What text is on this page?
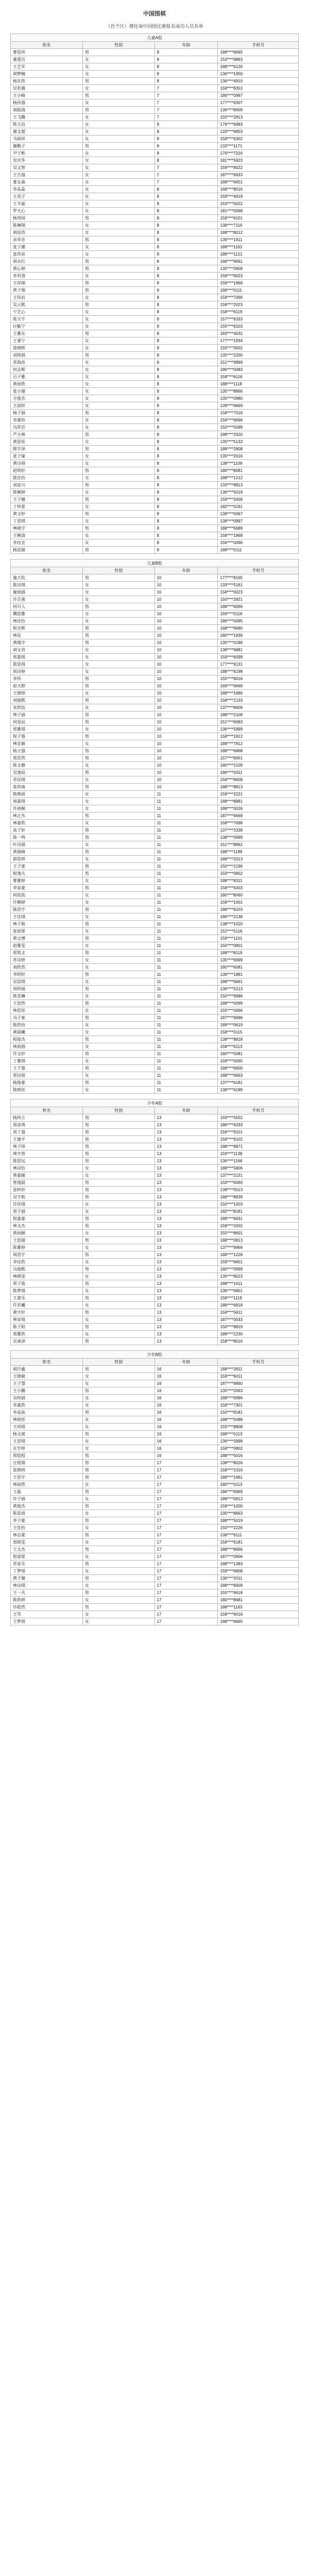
中国围棋
（首个区）遵化南中国围比赛报名成功人员名单
儿童A组			
姓名	性别	年龄	手机号
曹思祥	男	8	188****6665
董重历	女	8	153****6863
王艺军	女	8	188****6126
胡梦楠	女	8	136****1950
杨东伟	男	8	136****4910
吴若越	女	7	159****8353
王小峰	男	7	186****0997
杨伟强	女	7	177****6307
胡振海	男	7	136****8009
王飞腾	女	7	155****2813
陈玉昌	女	8	176****6983
谢文超	女	8	133****6853
马炳祥	女	8	158****6302
谢勤子	男	8	133****1171
尹子彬	女	8	176****7016
吴庆华	女	8	181****5923
吴文智	女	7	159****8022
王吉强	女	7	187****6633
曹友森	女	7	188****6651
李品晶	女	8	168****8016
王英子	女	8	159****4919
王丰丽	女	8	153****5022
罗天心	女	8	181****0068
杨邦国	男	8	159****6101
陈琳翔	女	8	138****7116
胡添浩	女	8	188****8012
余华芳	男	8	139****1911
张子潮	女	8	188****1161
张伟亮	女	8	188****1121
胡永红	男	8	168****9061
黄心婷	男	8	135****0909
李若洛	女	8	158****6023
王伟翔	男	8	159****1968
黄子翔	男	8	188****0111
王伟岩	女	8	159****7066
吴云熙	男	8	158****2023
宁艺心	女	8	158****6119
陈天宇	女	8	157****6333
付紫宁	女	8	155****9103
王雅东	男	8	183****4032
王睿宁	女	8	177****1934
徐晓桥	女	8	155****3002
刘铭涵	男	8	135****2200
苏海亮	女	8	151****9969
何志辉	女	8	186****0083
吕子雅	女	8	158****6116
黄雨欣	女	8	188****1118
张小瑞	女	8	135****8866
方俊杰	女	8	135****0980
王雨轩	女	8	139****6669
杨子涵	男	8	158****7016
李嘉怡	女	8	156****6696
冯苏芸	女	8	150****5099
严小林	男	8	198****2020
黄思彤	女	8	135****5133
陈宇泽	男	8	188****2808
张子瑜	女	8	135****2016
黄诗琪	女	8	138****1109
赵明轩	男	8	180****8081
陈佳怡	女	8	188****1212
刘家兴	男	8	133****8813
陈婉婷	女	8	136****5019
王子健	男	8	159****2009
丁梓萱	女	8	182****0191
黄文轩	男	8	139****5067
丁思琪	女	8	138****0997
林晓宇	男	8	188****6689
王婉清	女	8	158****1868
李佳宜	女	8	156****0096
杨思源	男	8	188****0111
儿童B组			
姓名	性别	年龄	手机号
施大钦	男	10	177****8165
陈诗琪	女	10	133****5161
谢雨涵	女	10	158****0023
许芷菡	女	10	150****2821
何可人	男	10	188****6066
魏思雅	女	10	159****0116
林佳怡	女	10	186****0095
程光辉	男	10	168****6680
林佳	男	10	180****1939
黄璟宇	男	10	135****0188
胡文君	女	10	138****6881
郑嘉瑶	女	10	159****6099
陈思琪	女	10	177****9131
周诗婷	女	10	188****6198
李伟	男	10	155****8016
赵天野	男	10	169****6668
王晓婷	女	10	188****1686
刘俊熙	男	10	158****2133
宋欣怡	女	10	137****8606
林子涵	男	10	188****2108
何星辰	男	10	151****6083
郑雅琪	女	10	136****5999
程子墨	男	10	158****1812
林宜颖	女	10	188****7812
杨立强	男	10	188****6868
郑浩然	男	10	157****6651
陈文静	女	10	180****2109
吴逸辰	男	10	186****0311
苏佳琪	女	10	158****6608
张伟南	男	10	188****8813
陈晓雨	女	11	159****2221
周嘉琪	女	11	188****8881
许雨桐	女	11	188****0026
林正杰	男	11	187****6669
林嘉欣	女	11	158****7698
高子轩	男	11	137****3338
陈一鸣	男	11	138****0999
叶诗涵	女	11	151****8862
黄俊峰	男	11	188****1189
郭思妍	女	11	188****2013
王子豪	男	11	150****2196
程逸凡	男	11	159****0802
曹雅婷	女	11	188****8311
李家豪	男	11	158****5003
何依依	女	11	180****8060
许婉婷	女	11	158****1001
陈浩宇	男	11	188****6103
王佳琪	女	11	186****2138
林子骏	男	11	138****1020
张雨萱	女	11	152****5116
黄文博	男	11	159****1101
赵雅雯	女	11	155****0801
郑凯文	男	11	188****8119
苏诗妍	女	11	135****6999
刘欣然	女	11	180****6081
李明轩	男	11	138****1881
吴思琪	女	11	188****6661
周梓涵	男	11	136****5213
陈美琳	女	11	150****9986
王浩然	男	11	188****0099
林思彤	女	11	155****0066
冯子豪	男	11	187****9696
陈欣怡	女	11	189****0619
黄晨曦	女	11	158****0115
程俊杰	男	11	138****8818
林雨涵	女	11	158****6113
许文轩	男	11	180****5081
丁雅琪	女	11	159****0065
王子墨	男	11	188****6600
郑诗雨	女	11	188****6663
杨俊豪	男	11	137****6181
陈晓彤	女	11	138****6199
少年A组			
姓名	性别	年龄	手机号
杨伟立	男	13	159****5552
郑彦鸿	男	13	186****6333
周丁强	男	13	156****9101
王建平	男	13	158****9102
林子铎	男	13	188****8871
林宇涛	男	13	159****1138
陈思远	男	13	136****1166
林诗怡	女	13	188****5806
黄嘉颖	女	13	137****2131
曾逸晨	男	13	150****6060
张梓轩	男	13	138****5513
吴宇航	男	13	188****8839
许佳琪	女	13	150****1003
郑子涵	女	13	182****8181
程嘉豪	男	13	188****6631
林文杰	男	13	159****2002
黄雨桐	女	13	155****8601
王思源	男	13	188****0813
陈雅婷	女	13	137****9966
周浩宇	男	13	188****1228
李佳欣	女	13	159****6601
冯俊熙	男	13	180****0999
林晓雯	女	13	135****8023
郑子俊	男	13	188****1611
陈梦琪	女	13	136****6801
王嘉乐	男	13	158****1119
许若曦	女	13	188****6818
黄宇轩	男	13	159****5611
林安琪	女	13	187****0033
陈子阳	男	13	150****8819
郑雅欣	女	13	188****2230
吴承泽	男	13	158****8016
少年B组			
姓名	性别	年龄	手机号
胡汗鑫	男	16	188****2811
王晓敏	女	16	159****6011
王子慧	女	16	187****8860
王小鹏	男	16	135****2063
吴梓涵	女	16	188****6996
李嘉欣	女	16	158****7301
李品泳	男	16	150****8181
林晓彤	女	16	188****5088
王玥瑶	女	16	155****8808
杨文斌	男	16	188****0113
王思琪	女	16	136****3998
庄竹婷	女	16	159****0802
郑恺程	男	16	188****5016
汪煜翔	男	17	138****8026
张晓明	男	17	158****2316
王浩宇	男	17	188****1661
林雨欣	女	17	180****0113
王磊	男	17	186****6969
许子涵	女	17	188****0812
黄俊杰	男	17	159****1000
陈思雨	女	17	135****8663
李子豪	男	17	188****5019
王佳怡	女	17	150****2226
林志豪	男	17	138****9111
郑晓雯	女	17	158****6181
王文杰	男	17	188****8666
程雨萱	女	17	187****0906
苏家乐	男	17	188****1383
丁梦瑶	女	17	159****6808
黄子健	男	17	136****2011
林诗琪	女	17	188****8009
王一凡	男	17	155****6618
陈欣妍	女	17	180****8681
许皓然	男	17	188****1163
王雪	女	17	158****6016
王梦瑶	女	17	188****6665
